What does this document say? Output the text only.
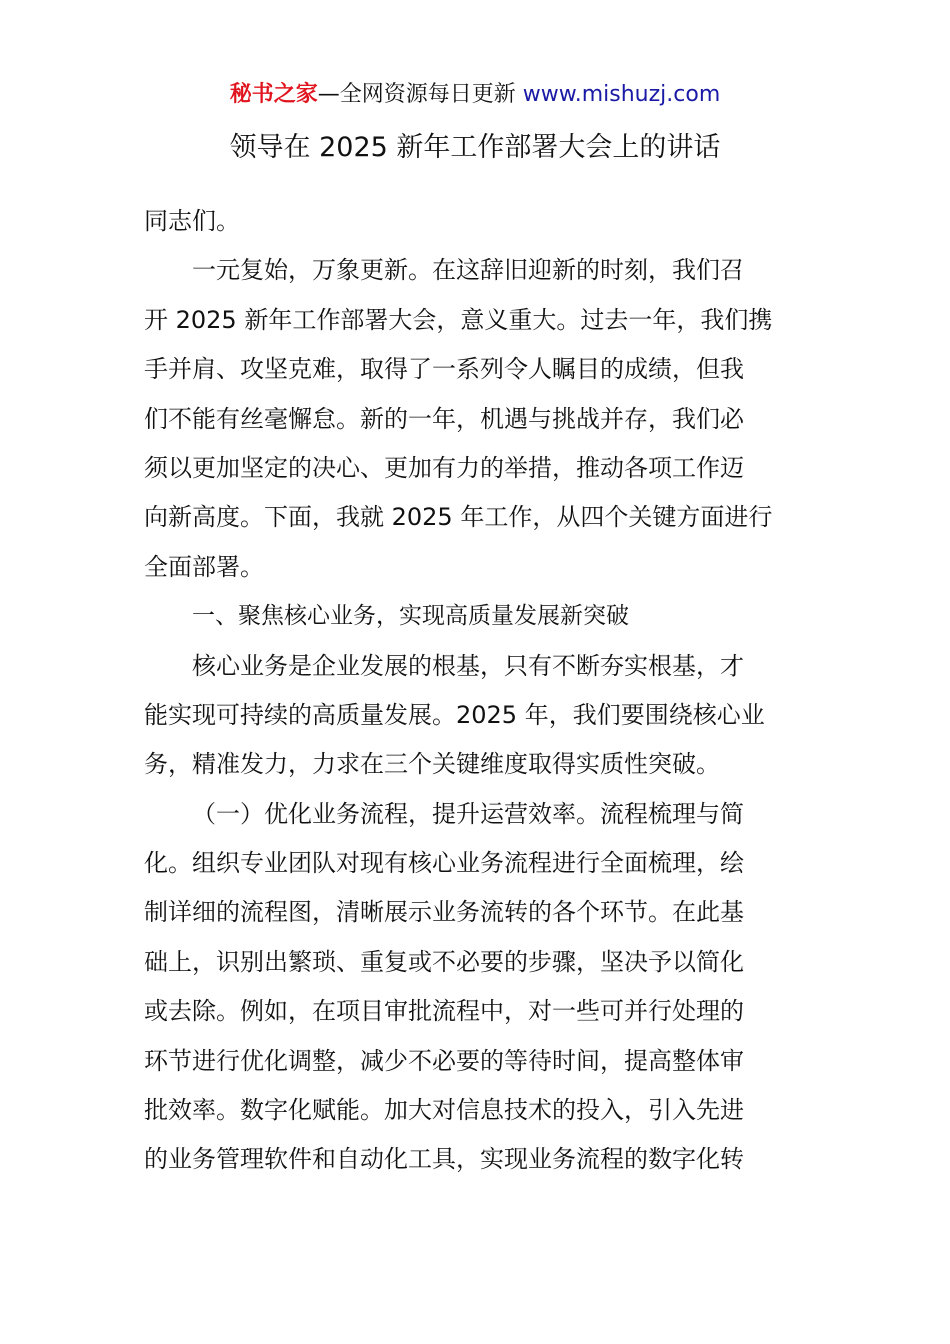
秘书之家—全网资源每日更新 www.mishuzj.com
领导在 2025 新年工作部署大会上的讲话
同志们。
一元复始，万象更新。在这辞旧迎新的时刻，我们召
开 2025 新年工作部署大会，意义重大。过去一年，我们携
手并肩、攻坚克难，取得了一系列令人瞩目的成绩，但我
们不能有丝毫懈怠。新的一年，机遇与挑战并存，我们必
须以更加坚定的决心、更加有力的举措，推动各项工作迈
向新高度。下面，我就 2025 年工作，从四个关键方面进行
全面部署。
一、聚焦核心业务，实现高质量发展新突破
核心业务是企业发展的根基，只有不断夯实根基，才
能实现可持续的高质量发展。2025 年，我们要围绕核心业
务，精准发力，力求在三个关键维度取得实质性突破。
（一）优化业务流程，提升运营效率。流程梳理与简
化。组织专业团队对现有核心业务流程进行全面梳理，绘
制详细的流程图，清晰展示业务流转的各个环节。在此基
础上，识别出繁琐、重复或不必要的步骤，坚决予以简化
或去除。例如，在项目审批流程中，对一些可并行处理的
环节进行优化调整，减少不必要的等待时间，提高整体审
批效率。数字化赋能。加大对信息技术的投入，引入先进
的业务管理软件和自动化工具，实现业务流程的数字化转
